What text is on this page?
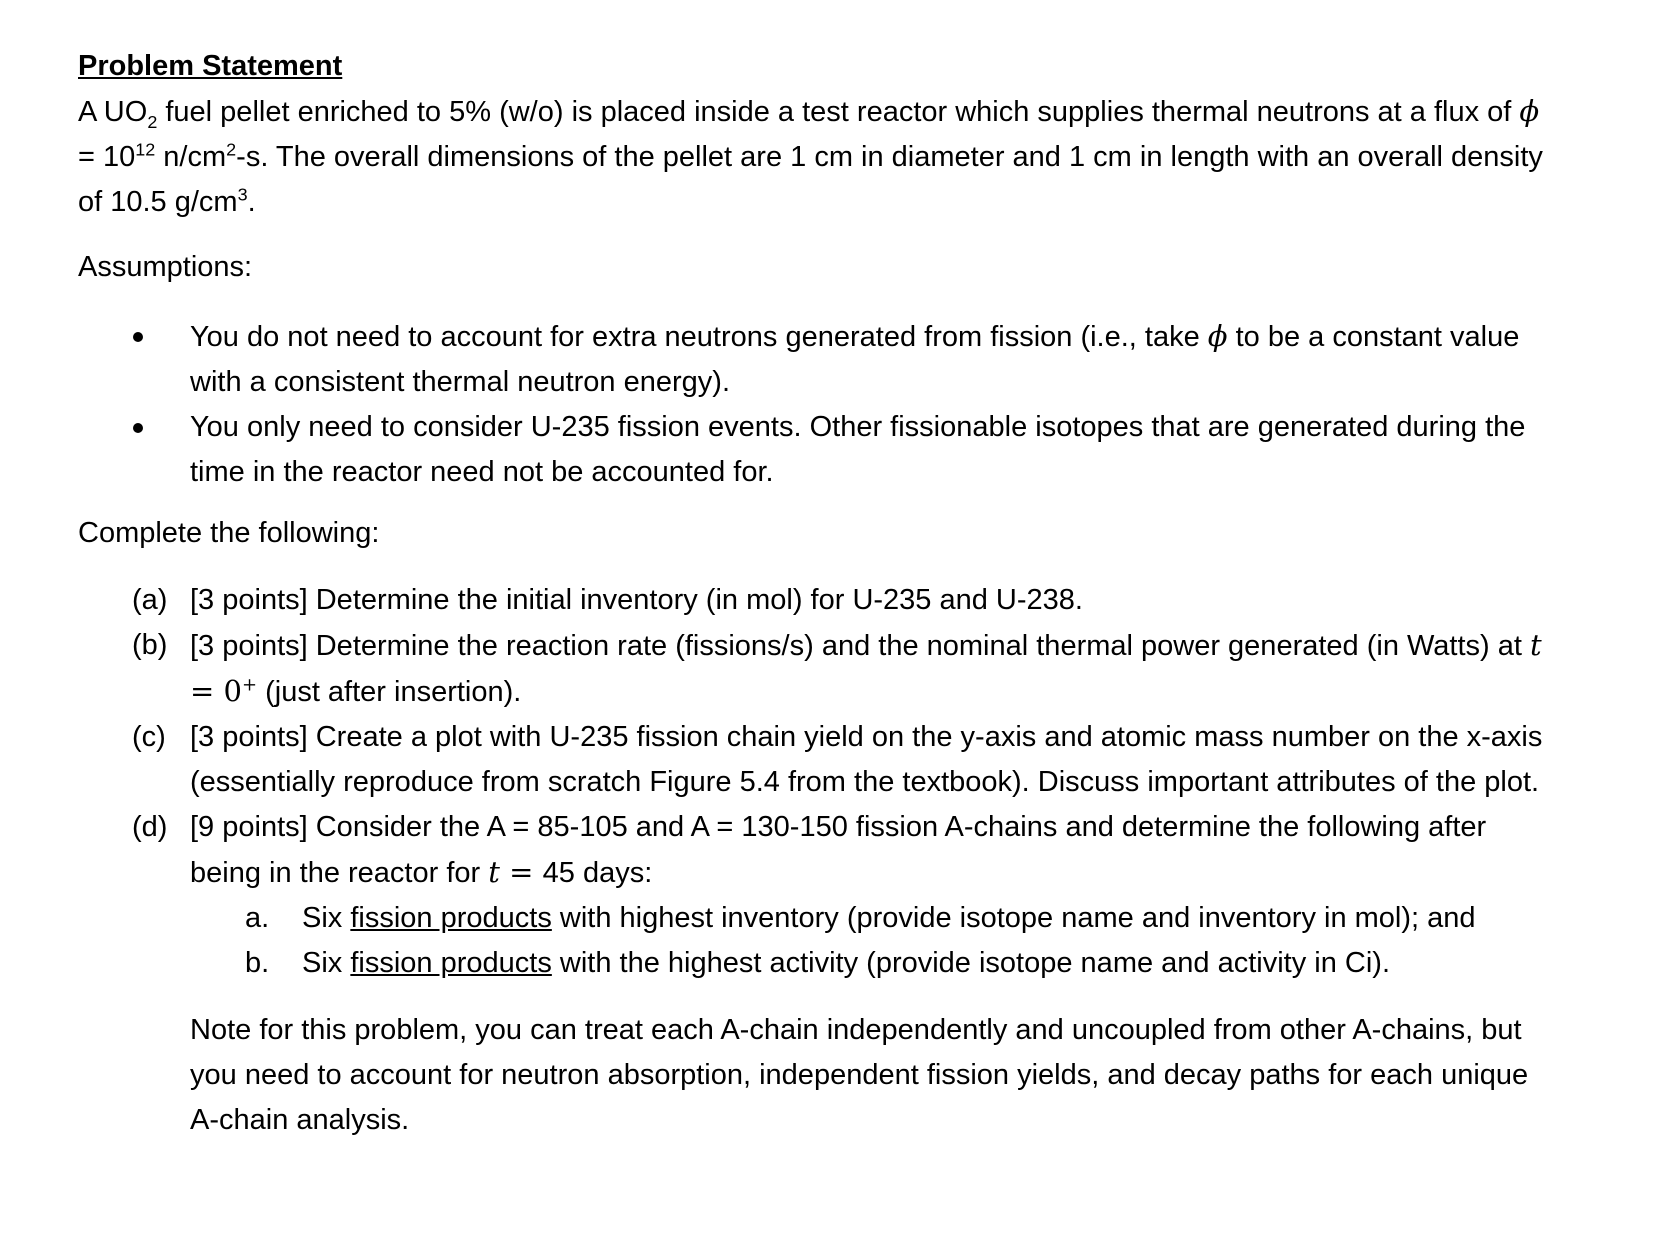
Problem Statement
A $UO_2$ fuel pellet enriched to 5% (w/o) is placed inside a test reactor which supplies thermal neutrons at a flux of $\phi = 10^{12}$ $n/cm^2-s$. The overall dimensions of the pellet are 1 cm in diameter and 1 cm in length with an overall density of 10.5 $g/cm^3$.
Assumptions:
You do not need to account for extra neutrons generated from fission (i.e., take ϕ to be a constant value with a consistent thermal neutron energy).
You only need to consider U-235 fission events. Other fissionable isotopes that are generated during the time in the reactor need not be accounted for.
Complete the following:
(a) [3 points] Determine the initial inventory (in mol) for U-235 and U-238.
(b) [3 points] Determine the reaction rate (fissions/s) and the nominal thermal power generated (in Watts) at t = 0+ (just after insertion).
(c) [3 points] Create a plot with U-235 fission chain yield on the y-axis and atomic mass number on the x-axis (essentially reproduce from scratch Figure 5.4 from the textbook). Discuss important attributes of the plot.
(d) [9 points] Consider the A = 85-105 and A = 130-150 fission A-chains and determine the following after being in the reactor for t = 45 days:
a. Six fission products with highest inventory (provide isotope name and inventory in mol); and
b. Six fission products with the highest activity (provide isotope name and activity in Ci).
Note for this problem, you can treat each A-chain independently and uncoupled from other A-chains, but you need to account for neutron absorption, independent fission yields, and decay paths for each unique A-chain analysis.
